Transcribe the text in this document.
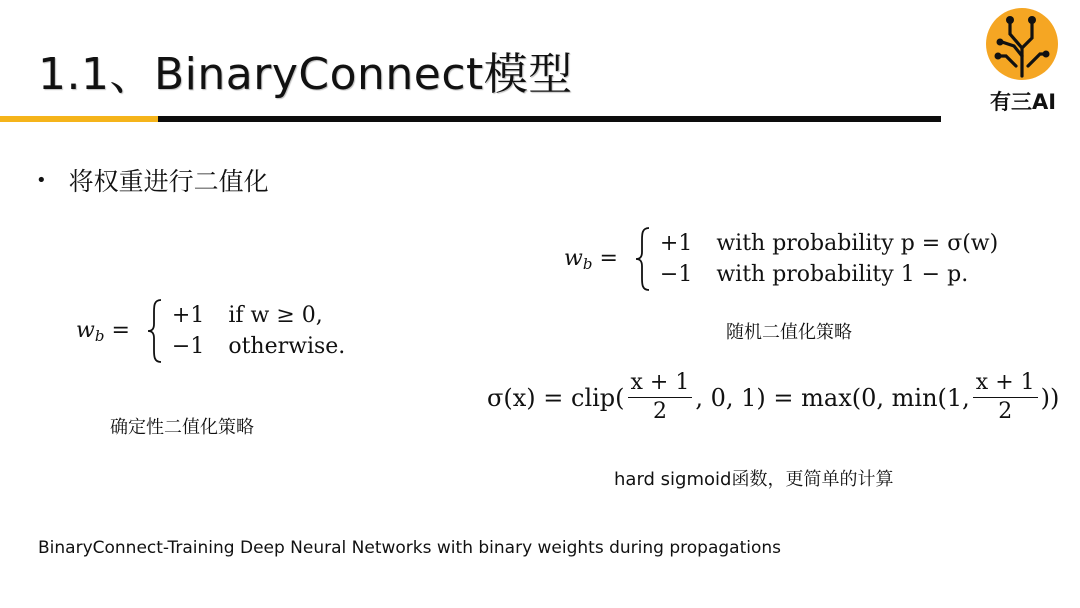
1.1、BinaryConnect模型
有三AI
• 将权重进行二值化
$w_b$ =
+1 if w ≥ 0,
−1 otherwise.
确定性二值化策略
$w_b$ =
+1 with probability p = σ(w)
−1 with probability 1 − p.
随机二值化策略
σ(x) = clip( $\frac{x + 1}{2}$ , 0, 1) = max(0, min(1, $\frac{x + 1}{2}$ ))
hard sigmoid函数，更简单的计算
BinaryConnect-Training Deep Neural Networks with binary weights during propagations
